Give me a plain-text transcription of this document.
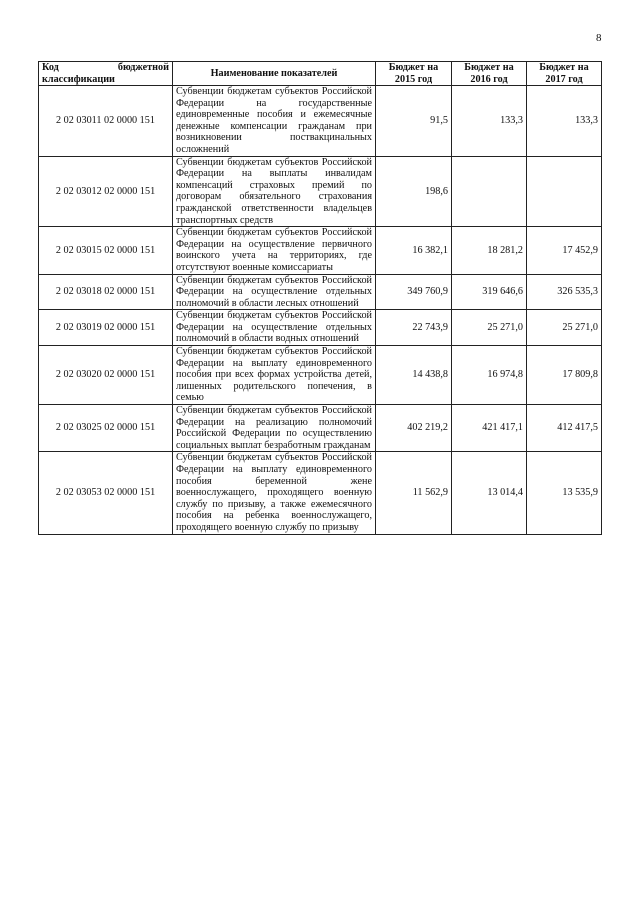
8
Код бюджетной классификации	Наименование показателей	Бюджет на 2015 год	Бюджет на 2016 год	Бюджет на 2017 год
2 02 03011 02 0000 151	Субвенции бюджетам субъектов Российской Федерации на государственные единовременные пособия и ежемесячные денежные компенсации гражданам при возникновении поствакцинальных осложнений	91,5	133,3	133,3
2 02 03012 02 0000 151	Субвенции бюджетам субъектов Российской Федерации на выплаты инвалидам компенсаций страховых премий по договорам обязательного страхования гражданской ответственности владельцев транспортных средств	198,6		
2 02 03015 02 0000 151	Субвенции бюджетам субъектов Российской Федерации на осуществление первичного воинского учета на территориях, где отсутствуют военные комиссариаты	16 382,1	18 281,2	17 452,9
2 02 03018 02 0000 151	Субвенции бюджетам субъектов Российской Федерации на осуществление отдельных полномочий в области лесных отношений	349 760,9	319 646,6	326 535,3
2 02 03019 02 0000 151	Субвенции бюджетам субъектов Российской Федерации на осуществление отдельных полномочий в области водных отношений	22 743,9	25 271,0	25 271,0
2 02 03020 02 0000 151	Субвенции бюджетам субъектов Российской Федерации на выплату единовременного пособия при всех формах устройства детей, лишенных родительского попечения, в семью	14 438,8	16 974,8	17 809,8
2 02 03025 02 0000 151	Субвенции бюджетам субъектов Российской Федерации на реализацию полномочий Российской Федерации по осуществлению социальных выплат безработным гражданам	402 219,2	421 417,1	412 417,5
2 02 03053 02 0000 151	Субвенции бюджетам субъектов Российской Федерации на выплату единовременного пособия беременной жене военнослужащего, проходящего военную службу по призыву, а также ежемесячного пособия на ребенка военнослужащего, проходящего военную службу по призыву	11 562,9	13 014,4	13 535,9
